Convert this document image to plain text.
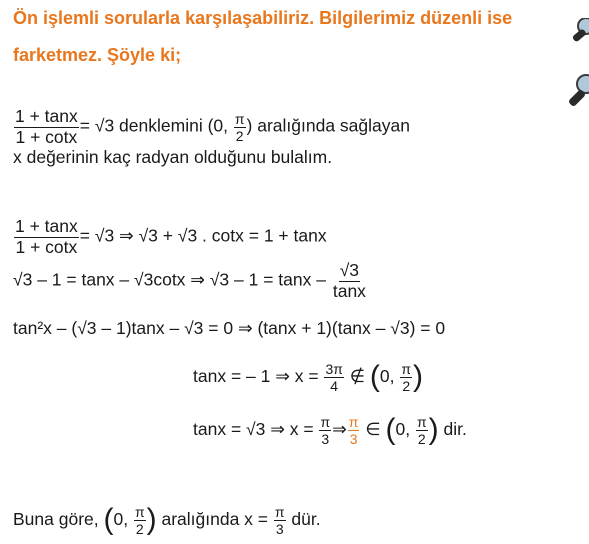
Ön işlemli sorularla karşılaşabiliriz. Bilgilerimiz düzenli ise
farketmez. Şöyle ki;
$\frac{1 + \tan x}{1 + \cot x} = √3$ denklemini (0, $\frac{\pi}{2}$ ) aralığında sağlayan
x değerinin kaç radyan olduğunu bulalım.
$\frac{1 + \tan x}{1 + \cot x} = √3$ ⇒ √3 + √3 . cotx = 1 + tanx
√3 – 1 = tanx – √3cotx ⇒ $√3 - 1 = \tan x - \frac{√3}{\tan x}$
tan²x – (√3 – 1)tanx – √3 = 0 ⇒ (tanx + 1)(tanx – √3) = 0
tanx = – 1 ⇒ $x = \frac{3\pi}{4}$ ∉ (0, $\frac{\pi}{2}$ )
tanx = √3 ⇒ $x = \frac{\pi}{3}$ ⇒ $\frac{\pi}{3}$ ∈ (0, $\frac{\pi}{2}$ ) dir.
Buna göre, (0, $\frac{\pi}{2}$ ) aralığında $x = \frac{\pi}{3}$ dür.
